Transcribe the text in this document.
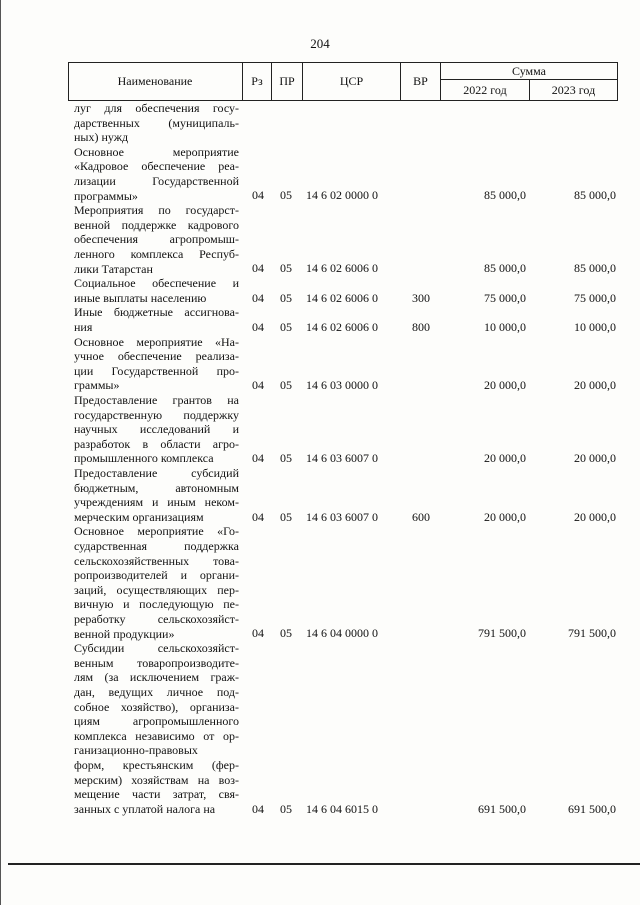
204
Наименование	Рз	ПР	ЦСР	ВР
Сумма
2022 год	2023 год
луг для обеспечения госу-
дарственных (муниципаль-
ных) нужд
Основное мероприятие
«Кадровое обеспечение реа-
лизации Государственной
программы»	04	05	14 6 02 0000 0	85 000,0	85 000,0
Мероприятия по государст-
венной поддержке кадрового
обеспечения агропромыш-
ленного комплекса Респуб-
лики Татарстан	04	05	14 6 02 6006 0	85 000,0	85 000,0
Социальное обеспечение и
иные выплаты населению	04	05	14 6 02 6006 0	300	75 000,0	75 000,0
Иные бюджетные ассигнова-
ния	04	05	14 6 02 6006 0	800	10 000,0	10 000,0
Основное мероприятие «На-
учное обеспечение реализа-
ции Государственной про-
граммы»	04	05	14 6 03 0000 0	20 000,0	20 000,0
Предоставление грантов на
государственную поддержку
научных исследований и
разработок в области агро-
промышленного комплекса	04	05	14 6 03 6007 0	20 000,0	20 000,0
Предоставление субсидий
бюджетным, автономным
учреждениям и иным неком-
мерческим организациям	04	05	14 6 03 6007 0	600	20 000,0	20 000,0
Основное мероприятие «Го-
сударственная поддержка
сельскохозяйственных това-
ропроизводителей и органи-
заций, осуществляющих пер-
вичную и последующую пе-
реработку сельскохозяйст-
венной продукции»	04	05	14 6 04 0000 0	791 500,0	791 500,0
Субсидии сельскохозяйст-
венным товаропроизводите-
лям (за исключением граж-
дан, ведущих личное под-
собное хозяйство), организа-
циям агропромышленного
комплекса независимо от ор-
ганизационно-правовых
форм, крестьянским (фер-
мерским) хозяйствам на воз-
мещение части затрат, свя-
занных с уплатой налога на	04	05	14 6 04 6015 0	691 500,0	691 500,0
